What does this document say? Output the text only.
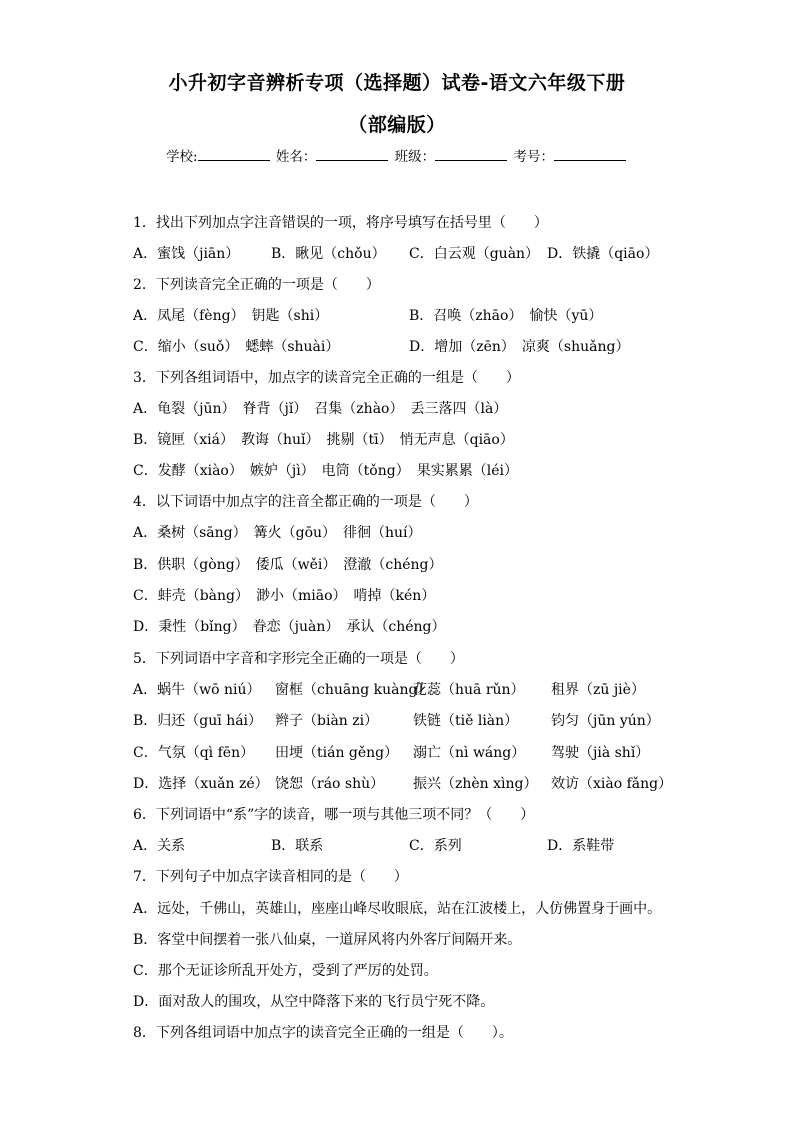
小升初字音辨析专项（选择题）试卷-语文六年级下册
（部编版）
学校:	姓名：	班级：	考号：
1．找出下列加点字注音错误的一项，将序号填写在括号里（　　）
A．蜜饯（jiān） B．瞅见（chǒu） C．白云观（guàn） D．铁撬（qiāo）
2．下列读音完全正确的一项是（　　）
A．凤尾（fèng）　钥匙（shi）	B．召唤（zhāo）　愉快（yū）
C．缩小（suǒ）　蟋蟀（shuài）	D．增加（zēn）　凉爽（shuǎng）
3．下列各组词语中，加点字的读音完全正确的一组是（　　）
A．龟裂（jūn）　脊背（jǐ）　召集（zhào）　丢三落四（là）
B．镜匣（xiá）　教诲（huǐ）　挑剔（tī）　悄无声息（qiāo）
C．发酵（xiào）　嫉妒（jì）　电筒（tǒng）　果实累累（léi）
4．以下词语中加点字的注音全都正确的一项是（　　）
A．桑树（sāng）　篝火（gōu）　徘徊（huí）
B．供职（gòng）　倭瓜（wěi）　澄澈（chéng）
C．蚌壳（bàng）　渺小（miāo）　啃掉（kén）
D．秉性（bǐng）　眷恋（juàn）　承认（chéng）
5．下列词语中字音和字形完全正确的一项是（　　）
A．蜗牛（wō niú） 窗框（chuāng kuàng）花蕊（huā rǔn） 租界（zū jiè）
B．归还（guī hái） 辫子（biàn zi） 铁链（tiě liàn） 钧匀（jūn yún）
C．气氛（qì fēn） 田埂（tián gěng） 溺亡（nì wáng） 驾驶（jià shǐ）
D．选择（xuǎn zé） 饶恕（ráo shù） 振兴（zhèn xìng） 效访（xiào fǎng）
6．下列词语中“系”字的读音，哪一项与其他三项不同？（　　）
A．关系	B．联系	C．系列	D．系鞋带
7．下列句子中加点字读音相同的是（　　）
A．远处，千佛山，英雄山，座座山峰尽收眼底，站在江波楼上，人仿佛置身于画中。
B．客堂中间摆着一张八仙桌，一道屏风将内外客厅间隔开来。
C．那个无证诊所乱开处方，受到了严厉的处罚。
D．面对敌人的围攻，从空中降落下来的飞行员宁死不降。
8．下列各组词语中加点字的读音完全正确的一组是（　　）。
